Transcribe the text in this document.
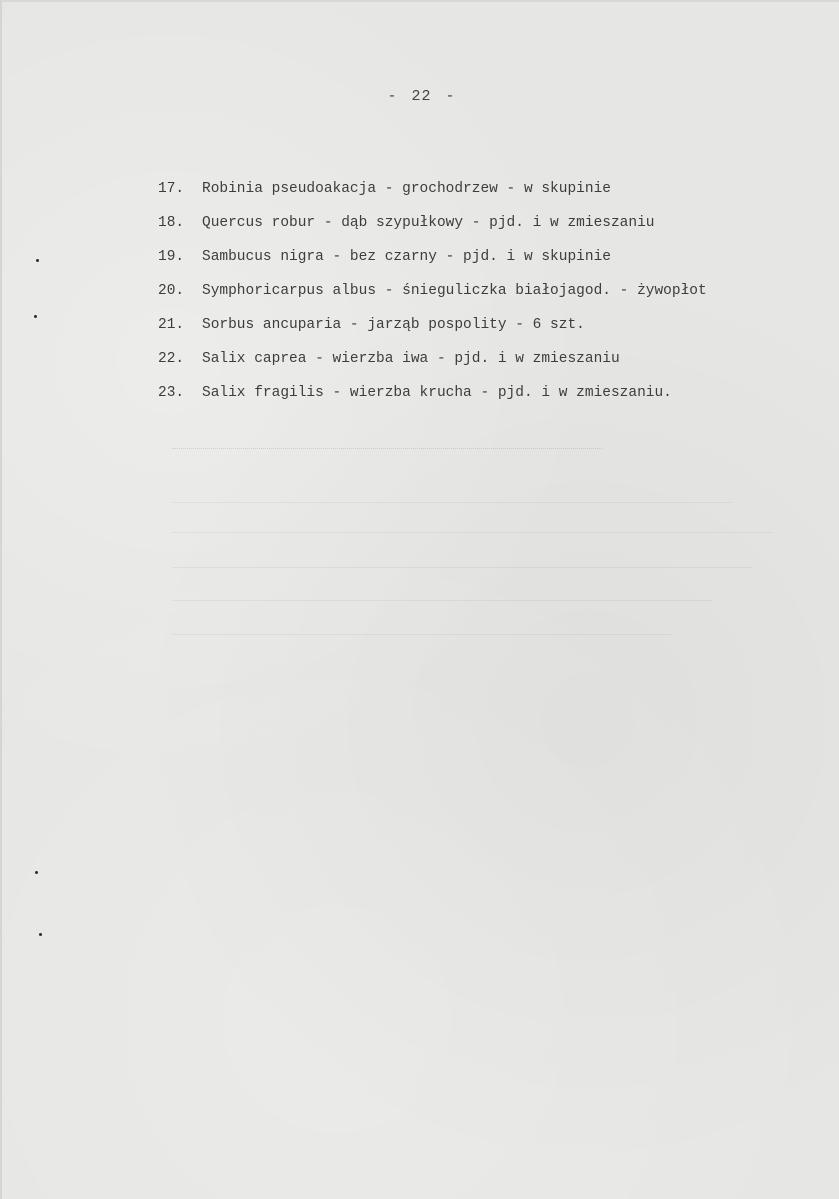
- 22 -
17. Robinia pseudoakacja - grochodrzew - w skupinie
18. Quercus robur - dąb szypułkowy - pjd. i w zmieszaniu
19. Sambucus nigra - bez czarny - pjd. i w skupinie
20. Symphoricarpus albus - śnieguliczka białojagod. - żywopłot
21. Sorbus ancuparia - jarząb pospolity - 6 szt.
22. Salix caprea - wierzba iwa - pjd. i w zmieszaniu
23. Salix fragilis - wierzba krucha - pjd. i w zmieszaniu.
